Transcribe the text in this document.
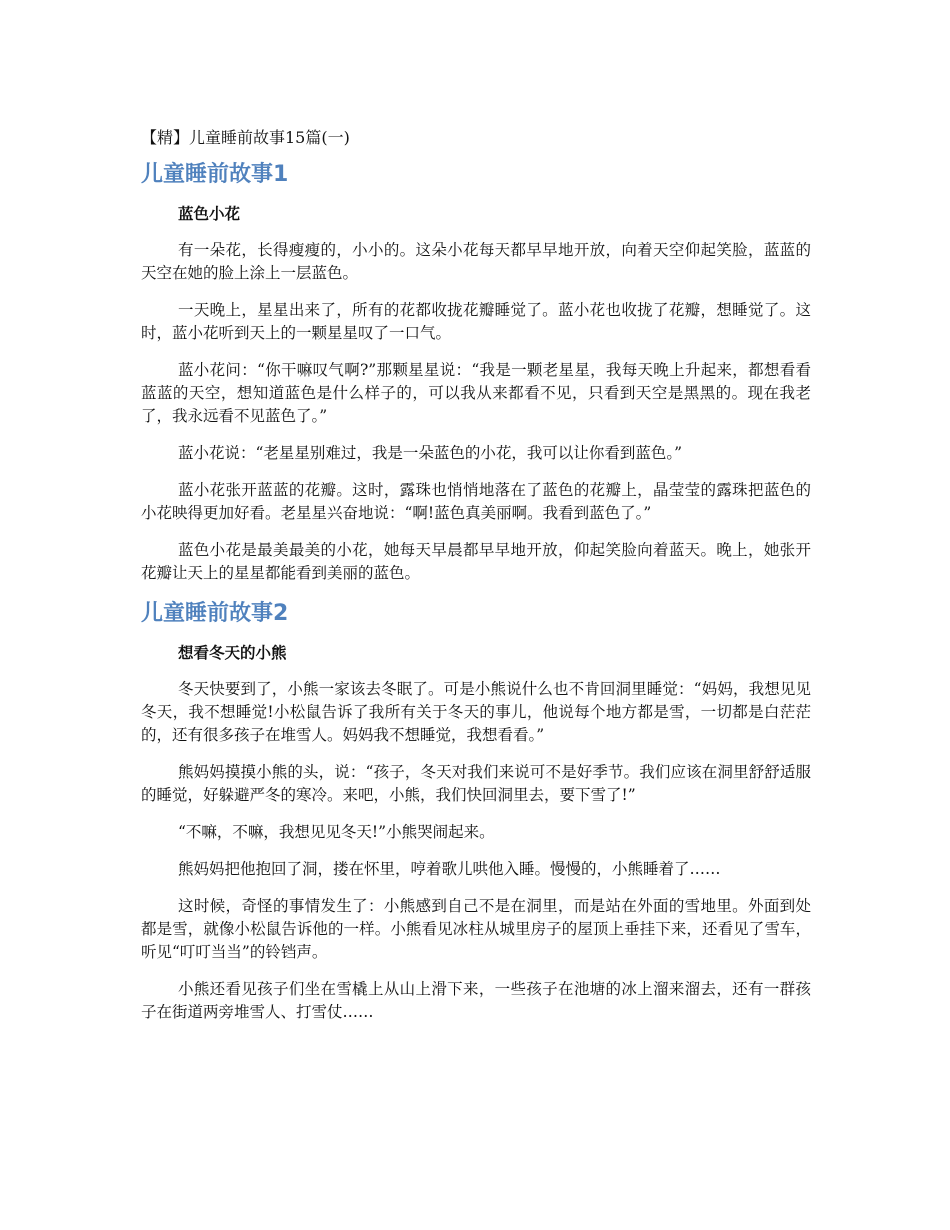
【精】儿童睡前故事15篇(一)
儿童睡前故事1
蓝色小花

有一朵花，长得瘦瘦的，小小的。这朵小花每天都早早地开放，向着天空仰起笑脸，蓝蓝的天空在她的脸上涂上一层蓝色。

一天晚上，星星出来了，所有的花都收拢花瓣睡觉了。蓝小花也收拢了花瓣，想睡觉了。这时，蓝小花听到天上的一颗星星叹了一口气。

蓝小花问：“你干嘛叹气啊?”那颗星星说：“我是一颗老星星，我每天晚上升起来，都想看看蓝蓝的天空，想知道蓝色是什么样子的，可以我从来都看不见，只看到天空是黑黑的。现在我老了，我永远看不见蓝色了。”

蓝小花说：“老星星别难过，我是一朵蓝色的小花，我可以让你看到蓝色。”

蓝小花张开蓝蓝的花瓣。这时，露珠也悄悄地落在了蓝色的花瓣上，晶莹莹的露珠把蓝色的小花映得更加好看。老星星兴奋地说：“啊!蓝色真美丽啊。我看到蓝色了。”

蓝色小花是最美最美的小花，她每天早晨都早早地开放，仰起笑脸向着蓝天。晚上，她张开花瓣让天上的星星都能看到美丽的蓝色。

儿童睡前故事2
想看冬天的小熊

冬天快要到了，小熊一家该去冬眠了。可是小熊说什么也不肯回洞里睡觉：“妈妈，我想见见冬天，我不想睡觉!小松鼠告诉了我所有关于冬天的事儿，他说每个地方都是雪，一切都是白茫茫的，还有很多孩子在堆雪人。妈妈我不想睡觉，我想看看。”

熊妈妈摸摸小熊的头，说：“孩子，冬天对我们来说可不是好季节。我们应该在洞里舒舒适服的睡觉，好躲避严冬的寒冷。来吧，小熊，我们快回洞里去，要下雪了!”

“不嘛，不嘛，我想见见冬天!”小熊哭闹起来。

熊妈妈把他抱回了洞，搂在怀里，哼着歌儿哄他入睡。慢慢的，小熊睡着了……

这时候，奇怪的事情发生了：小熊感到自己不是在洞里，而是站在外面的雪地里。外面到处都是雪，就像小松鼠告诉他的一样。小熊看见冰柱从城里房子的屋顶上垂挂下来，还看见了雪车，听见“叮叮当当”的铃铛声。

小熊还看见孩子们坐在雪橇上从山上滑下来，一些孩子在池塘的冰上溜来溜去，还有一群孩子在街道两旁堆雪人、打雪仗……
